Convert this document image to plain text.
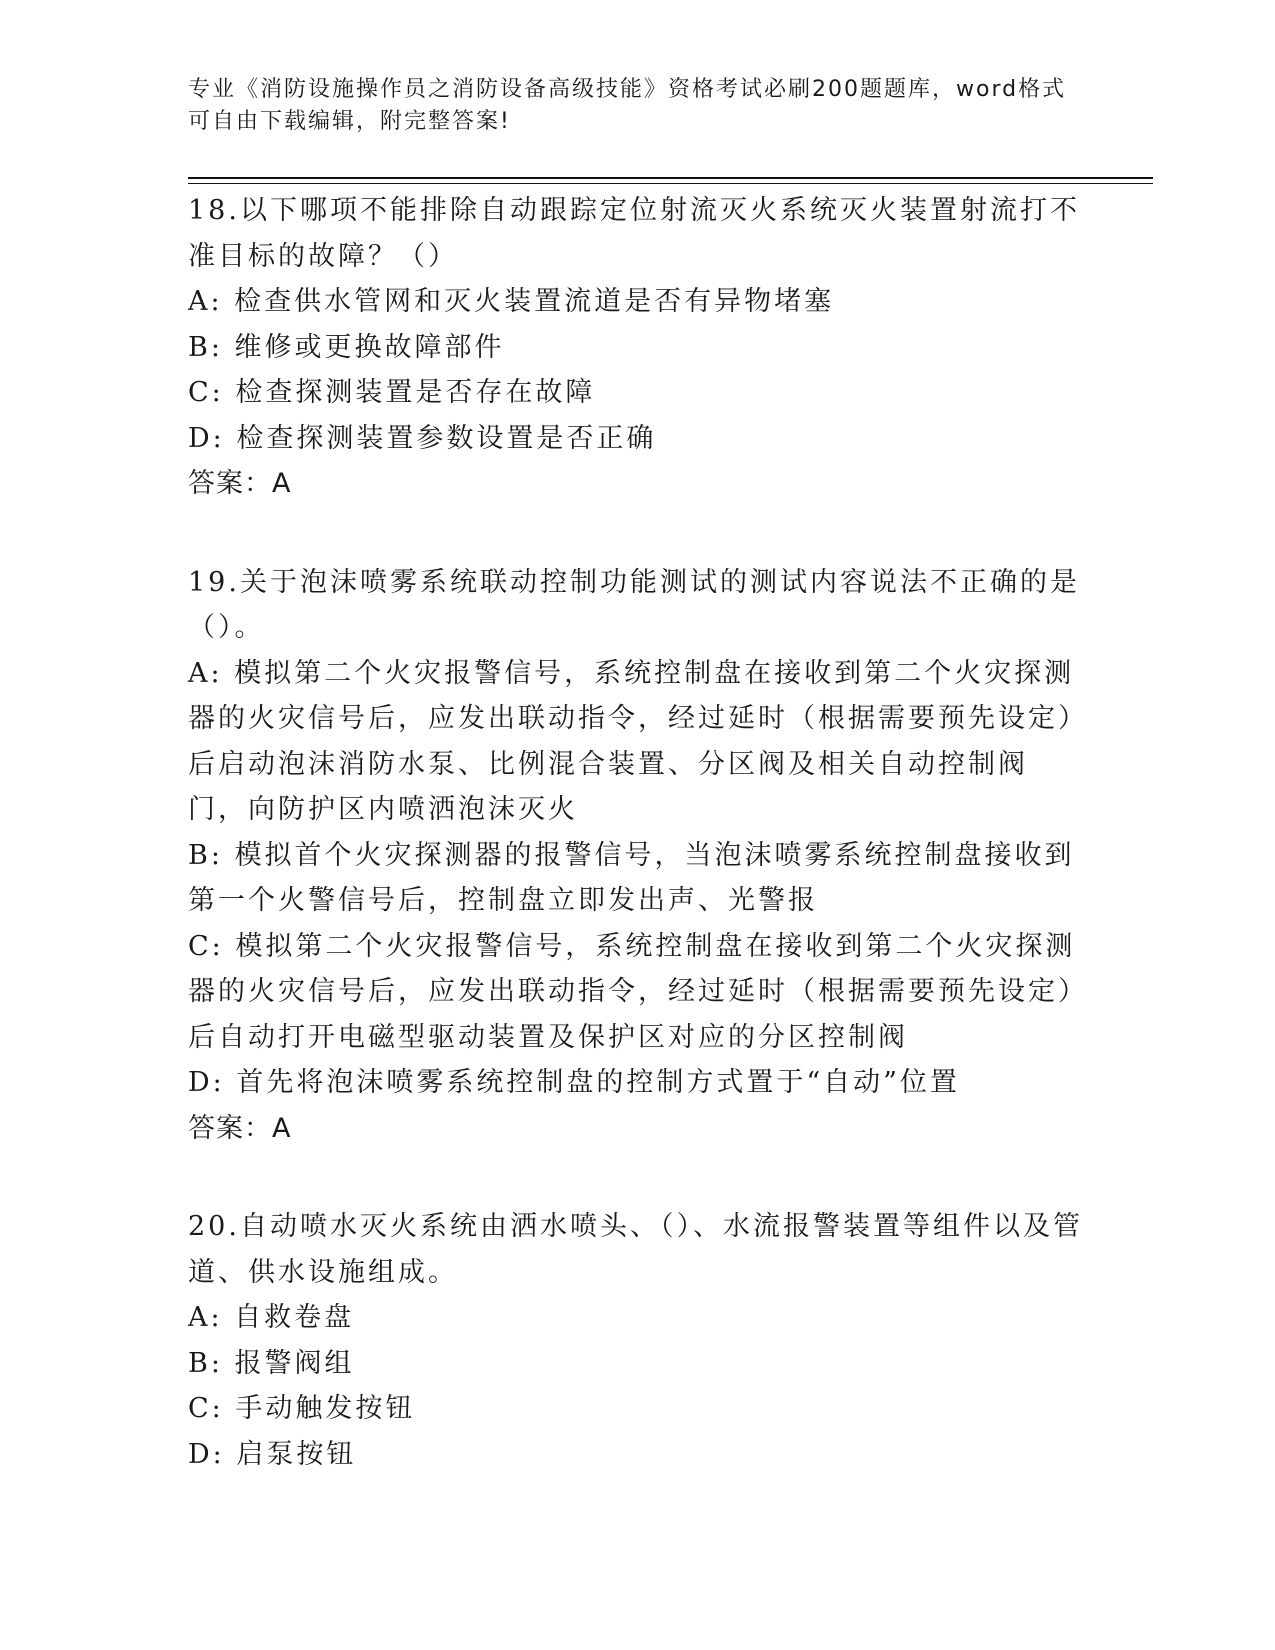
专业《消防设施操作员之消防设备高级技能》资格考试必刷200题题库，word格式可自由下载编辑，附完整答案!

18.以下哪项不能排除自动跟踪定位射流灭火系统灭火装置射流打不准目标的故障？（）

A: 检查供水管网和灭火装置流道是否有异物堵塞

B: 维修或更换故障部件

C: 检查探测装置是否存在故障

D: 检查探测装置参数设置是否正确

答案：A

19.关于泡沫喷雾系统联动控制功能测试的测试内容说法不正确的是（）。

A: 模拟第二个火灾报警信号，系统控制盘在接收到第二个火灾探测器的火灾信号后，应发出联动指令，经过延时（根据需要预先设定）后启动泡沫消防水泵、比例混合装置、分区阀及相关自动控制阀门，向防护区内喷洒泡沫灭火

B: 模拟首个火灾探测器的报警信号，当泡沫喷雾系统控制盘接收到第一个火警信号后，控制盘立即发出声、光警报

C: 模拟第二个火灾报警信号，系统控制盘在接收到第二个火灾探测器的火灾信号后，应发出联动指令，经过延时（根据需要预先设定）后自动打开电磁型驱动装置及保护区对应的分区控制阀

D: 首先将泡沫喷雾系统控制盘的控制方式置于“自动”位置

答案：A

20.自动喷水灭火系统由洒水喷头、（）、水流报警装置等组件以及管道、供水设施组成。

A: 自救卷盘

B: 报警阀组

C: 手动触发按钮

D: 启泵按钮
